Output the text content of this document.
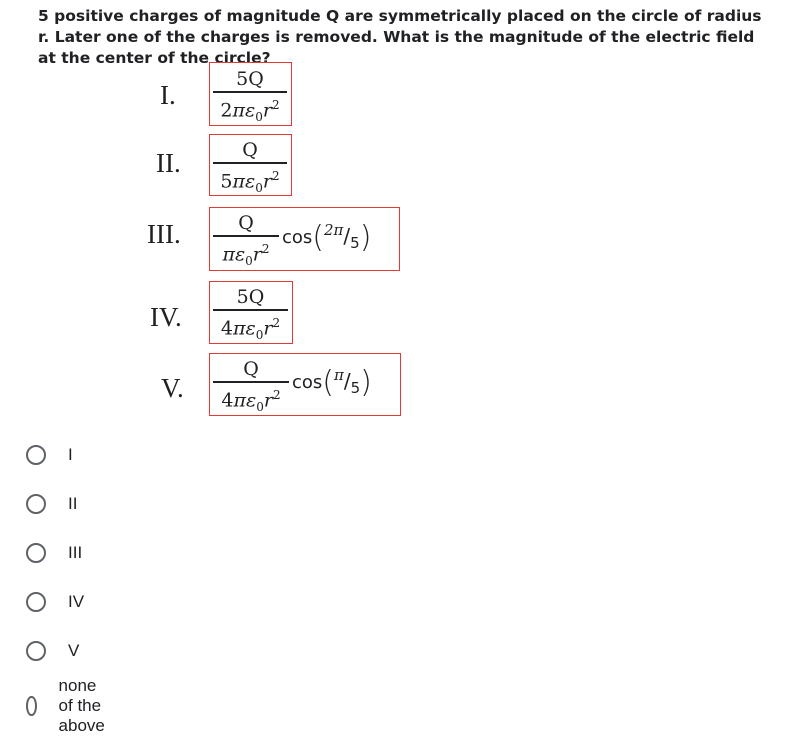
5 positive charges of magnitude Q are symmetrically placed on the circle of radius r. Later one of the charges is removed. What is the magnitude of the electric field at the center of the circle?
I.
5Q
$2\pi\varepsilon_0r^2$
II.	Q
$5\pi\varepsilon_0r^2$
III.	Q
$\pi\varepsilon_0r^2$
$\cos(^{2\pi}/_5)$
IV.
5Q
$4\pi\varepsilon_0r^2$
V.
Q
$4\pi\varepsilon_0r^2$
$\cos(^\pi/_5)$
I
II
III
IV
V
none of the above
